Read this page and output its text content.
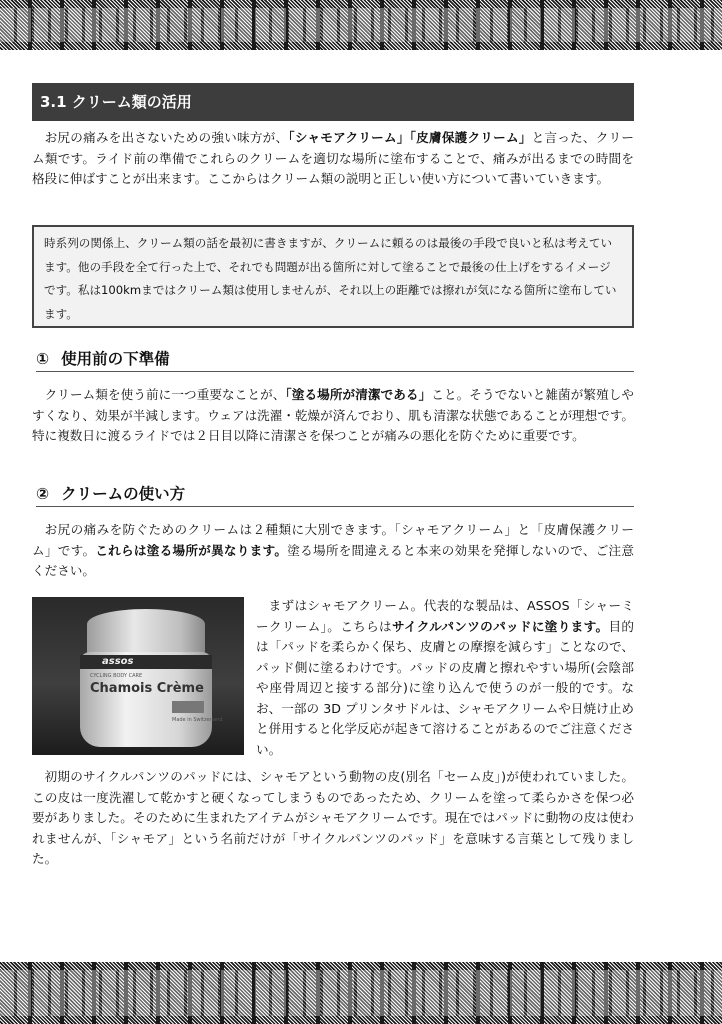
3.1 クリーム類の活用

お尻の痛みを出さないための強い味方が、「シャモアクリーム」「皮膚保護クリーム」と言った、クリーム類です。ライド前の準備でこれらのクリームを適切な場所に塗布することで、痛みが出るまでの時間を格段に伸ばすことが出来ます。ここからはクリーム類の説明と正しい使い方について書いていきます。

時系列の関係上、クリーム類の話を最初に書きますが、クリームに頼るのは最後の手段で良いと私は考えています。他の手段を全て行った上で、それでも問題が出る箇所に対して塗ることで最後の仕上げをするイメージです。私は100kmまではクリーム類は使用しませんが、それ以上の距離では擦れが気になる箇所に塗布しています。
① 使用前の下準備

クリーム類を使う前に一つ重要なことが、「塗る場所が清潔である」こと。そうでないと雑菌が繁殖しやすくなり、効果が半減します。ウェアは洗濯・乾燥が済んでおり、肌も清潔な状態であることが理想です。特に複数日に渡るライドでは２日目以降に清潔さを保つことが痛みの悪化を防ぐために重要です。

② クリームの使い方

お尻の痛みを防ぐためのクリームは２種類に大別できます。「シャモアクリーム」と「皮膚保護クリーム」です。これらは塗る場所が異なります。塗る場所を間違えると本来の効果を発揮しないので、ご注意ください。

assos
CYCLING BODY CARE
Chamois Crème
Made in Switzerland

まずはシャモアクリーム。代表的な製品は、ASSOS「シャーミークリーム」。こちらはサイクルパンツのパッドに塗ります。目的は「パッドを柔らかく保ち、皮膚との摩擦を減らす」ことなので、パッド側に塗るわけです。パッドの皮膚と擦れやすい場所(会陰部や座骨周辺と接する部分)に塗り込んで使うのが一般的です。なお、一部の 3D プリンタサドルは、シャモアクリームや日焼け止めと併用すると化学反応が起きて溶けることがあるのでご注意ください。

初期のサイクルパンツのパッドには、シャモアという動物の皮(別名「セーム皮」)が使われていました。この皮は一度洗濯して乾かすと硬くなってしまうものであったため、クリームを塗って柔らかさを保つ必要がありました。そのために生まれたアイテムがシャモアクリームです。現在ではパッドに動物の皮は使われませんが、「シャモア」という名前だけが「サイクルパンツのパッド」を意味する言葉として残りました。
